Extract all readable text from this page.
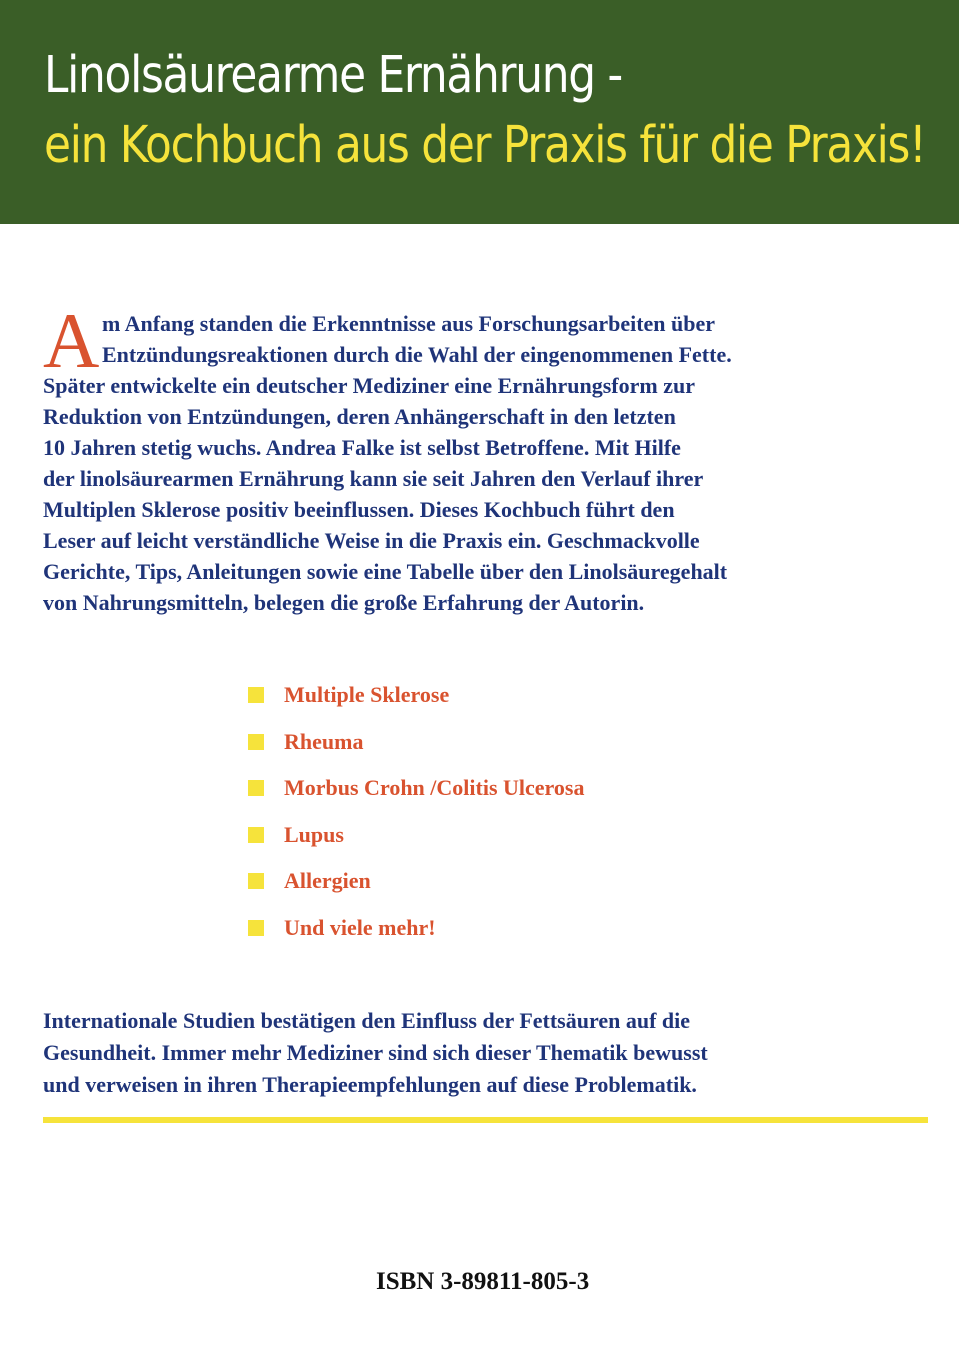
Linolsäurearme Ernährung -
ein Kochbuch aus der Praxis für die Praxis!
A m Anfang standen die Erkenntnisse aus Forschungsarbeiten über
Entzündungsreaktionen durch die Wahl der eingenommenen Fette.
Später entwickelte ein deutscher Mediziner eine Ernährungsform zur
Reduktion von Entzündungen, deren Anhängerschaft in den letzten
10 Jahren stetig wuchs. Andrea Falke ist selbst Betroffene. Mit Hilfe
der linolsäurearmen Ernährung kann sie seit Jahren den Verlauf ihrer
Multiplen Sklerose positiv beeinflussen. Dieses Kochbuch führt den
Leser auf leicht verständliche Weise in die Praxis ein. Geschmackvolle
Gerichte, Tips, Anleitungen sowie eine Tabelle über den Linolsäuregehalt
von Nahrungsmitteln, belegen die große Erfahrung der Autorin.
Multiple Sklerose
Rheuma
Morbus Crohn /Colitis Ulcerosa
Lupus
Allergien
Und viele mehr!
Internationale Studien bestätigen den Einfluss der Fettsäuren auf die
Gesundheit. Immer mehr Mediziner sind sich dieser Thematik bewusst
und verweisen in ihren Therapieempfehlungen auf diese Problematik.
ISBN 3-89811-805-3
